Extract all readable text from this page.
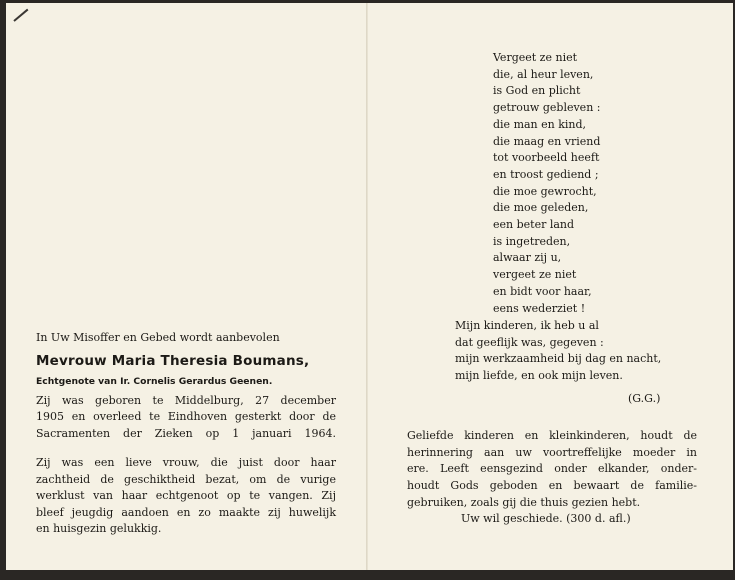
In Uw Misoffer en Gebed wordt aanbevolen

Mevrouw Maria Theresia Boumans,

Echtgenote van Ir. Cornelis Gerardus Geenen.

Zij was geboren te Middelburg, 27 december

1905 en overleed te Eindhoven gesterkt door de

Sacramenten der Zieken op 1 januari 1964.

Zij was een lieve vrouw, die juist door haar

zachtheid de geschiktheid bezat, om de vurige

werklust van haar echtgenoot op te vangen. Zij

bleef jeugdig aandoen en zo maakte zij huwelijk

en huisgezin gelukkig.

Vergeet ze niet
die, al heur leven,
is God en plicht
getrouw gebleven :
die man en kind,
die maag en vriend
tot voorbeeld heeft
en troost gediend ;
die moe gewrocht,
die moe geleden,
een beter land
is ingetreden,
alwaar zij u,
vergeet ze niet
en bidt voor haar,
eens wederziet !
Mijn kinderen, ik heb u al
dat geeflijk was, gegeven :
mijn werkzaamheid bij dag en nacht,
mijn liefde, en ook mijn leven.
(G.G.)

Geliefde kinderen en kleinkinderen, houdt de

herinnering aan uw voortreffelijke moeder in

ere. Leeft eensgezind onder elkander, onder-

houdt Gods geboden en bewaart de familie-

gebruiken, zoals gij die thuis gezien hebt.

Uw wil geschiede. (300 d. afl.)
